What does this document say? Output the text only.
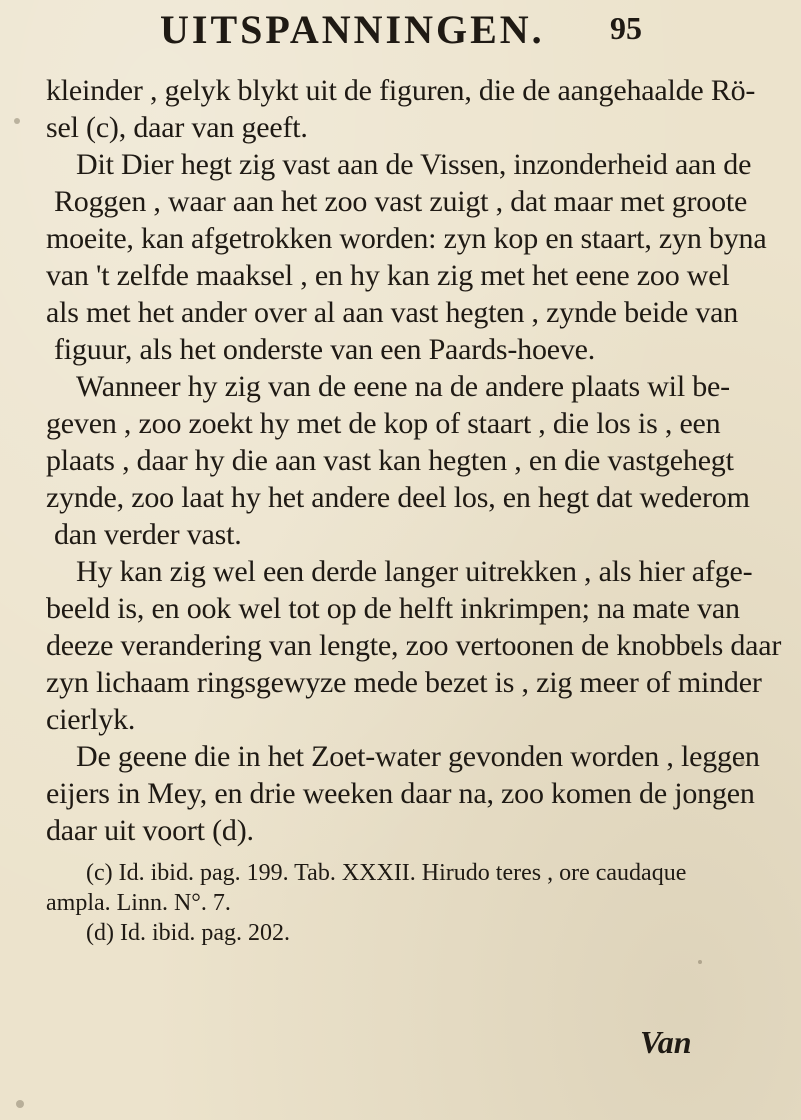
UITSPANNINGEN. 95
kleinder , gelyk blykt uit de figuren, die de aangehaalde Rö-
sel (c), daar van geeft.
Dit Dier hegt zig vast aan de Vissen, inzonderheid aan de
Roggen , waar aan het zoo vast zuigt , dat maar met groote
moeite, kan afgetrokken worden: zyn kop en staart, zyn byna
van 't zelfde maaksel , en hy kan zig met het eene zoo wel
als met het ander over al aan vast hegten , zynde beide van
figuur, als het onderste van een Paards-hoeve.
Wanneer hy zig van de eene na de andere plaats wil be-
geven , zoo zoekt hy met de kop of staart , die los is , een
plaats , daar hy die aan vast kan hegten , en die vastgehegt
zynde, zoo laat hy het andere deel los, en hegt dat wederom
dan verder vast.
Hy kan zig wel een derde langer uitrekken , als hier afge-
beeld is, en ook wel tot op de helft inkrimpen; na mate van
deeze verandering van lengte, zoo vertoonen de knobbels daar
zyn lichaam ringsgewyze mede bezet is , zig meer of minder
cierlyk.
De geene die in het Zoet-water gevonden worden , leggen
eijers in Mey, en drie weeken daar na, zoo komen de jongen
daar uit voort (d).
(c) Id. ibid. pag. 199. Tab. XXXII. Hirudo teres , ore caudaque
ampla. Linn. N°. 7.
(d) Id. ibid. pag. 202.
Van
